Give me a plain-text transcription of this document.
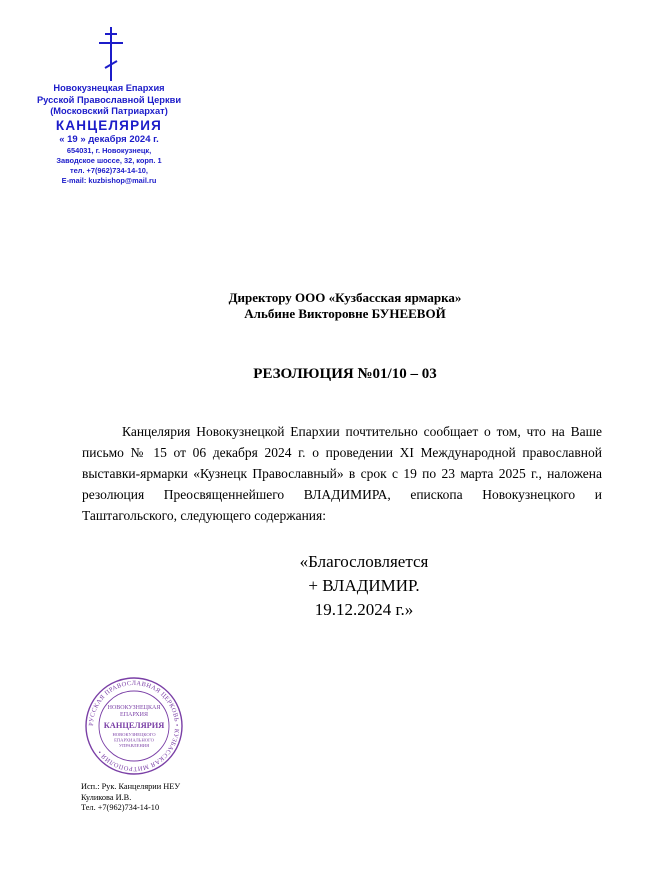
Новокузнецкая Епархия
Русской Православной Церкви
(Московский Патриархат)
КАНЦЕЛЯРИЯ
« 19 » декабря 2024 г.
654031, г. Новокузнецк,
Заводское шоссе, 32, корп. 1
тел. +7(962)734-14-10,
E-mail: kuzbishop@mail.ru
Директору ООО «Кузбасская ярмарка»
Альбине Викторовне БУНЕЕВОЙ
РЕЗОЛЮЦИЯ №01/10 – 03
Канцелярия Новокузнецкой Епархии почтительно сообщает о том, что на Ваше письмо № 15 от 06 декабря 2024 г. о проведении XI Международной православной выставки-ярмарки «Кузнецк Православный» в срок с 19 по 23 марта 2025 г., наложена резолюция Преосвященнейшего ВЛАДИМИРА, епископа Новокузнецкого и Таштагольского, следующего содержания:
«Благословляется
+ ВЛАДИМИР.
19.12.2024 г.»
РУССКАЯ ПРАВОСЛАВНАЯ ЦЕРКОВЬ • КУЗБАССКАЯ МИТРОПОЛИЯ •
НОВОКУЗНЕЦКАЯ
ЕПАРХИЯ
КАНЦЕЛЯРИЯ
НОВОКУЗНЕЦКОГО
ЕПАРХИАЛЬНОГО
УПРАВЛЕНИЯ
Исп.: Рук. Канцелярии НЕУ
Куликова И.В.
Тел. +7(962)734-14-10
